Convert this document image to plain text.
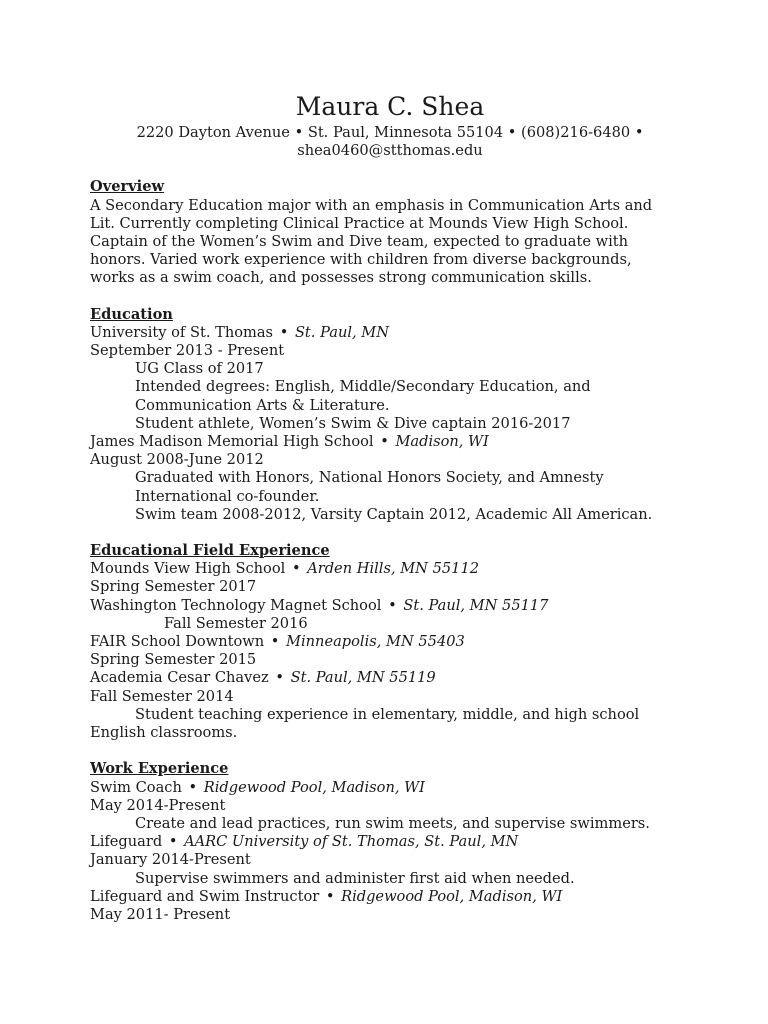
Maura C. Shea
2220 Dayton Avenue • St. Paul, Minnesota 55104 • (608)216-6480 •
shea0460@stthomas.edu
Overview
A Secondary Education major with an emphasis in Communication Arts and
Lit. Currently completing Clinical Practice at Mounds View High School.
Captain of the Women’s Swim and Dive team, expected to graduate with
honors. Varied work experience with children from diverse backgrounds,
works as a swim coach, and possesses strong communication skills.
Education
University of St. Thomas • St. Paul, MN
September 2013 - Present
UG Class of 2017
Intended degrees: English, Middle/Secondary Education, and
Communication Arts & Literature.
Student athlete, Women’s Swim & Dive captain 2016-2017
James Madison Memorial High School • Madison, WI
August 2008-June 2012
Graduated with Honors, National Honors Society, and Amnesty
International co-founder.
Swim team 2008-2012, Varsity Captain 2012, Academic All American.
Educational Field Experience
Mounds View High School • Arden Hills, MN 55112
Spring Semester 2017
Washington Technology Magnet School • St. Paul, MN 55117
Fall Semester 2016
FAIR School Downtown • Minneapolis, MN 55403
Spring Semester 2015
Academia Cesar Chavez • St. Paul, MN 55119
Fall Semester 2014
Student teaching experience in elementary, middle, and high school
English classrooms.
Work Experience
Swim Coach • Ridgewood Pool, Madison, WI
May 2014-Present
Create and lead practices, run swim meets, and supervise swimmers.
Lifeguard • AARC University of St. Thomas, St. Paul, MN
January 2014-Present
Supervise swimmers and administer first aid when needed.
Lifeguard and Swim Instructor • Ridgewood Pool, Madison, WI
May 2011- Present
